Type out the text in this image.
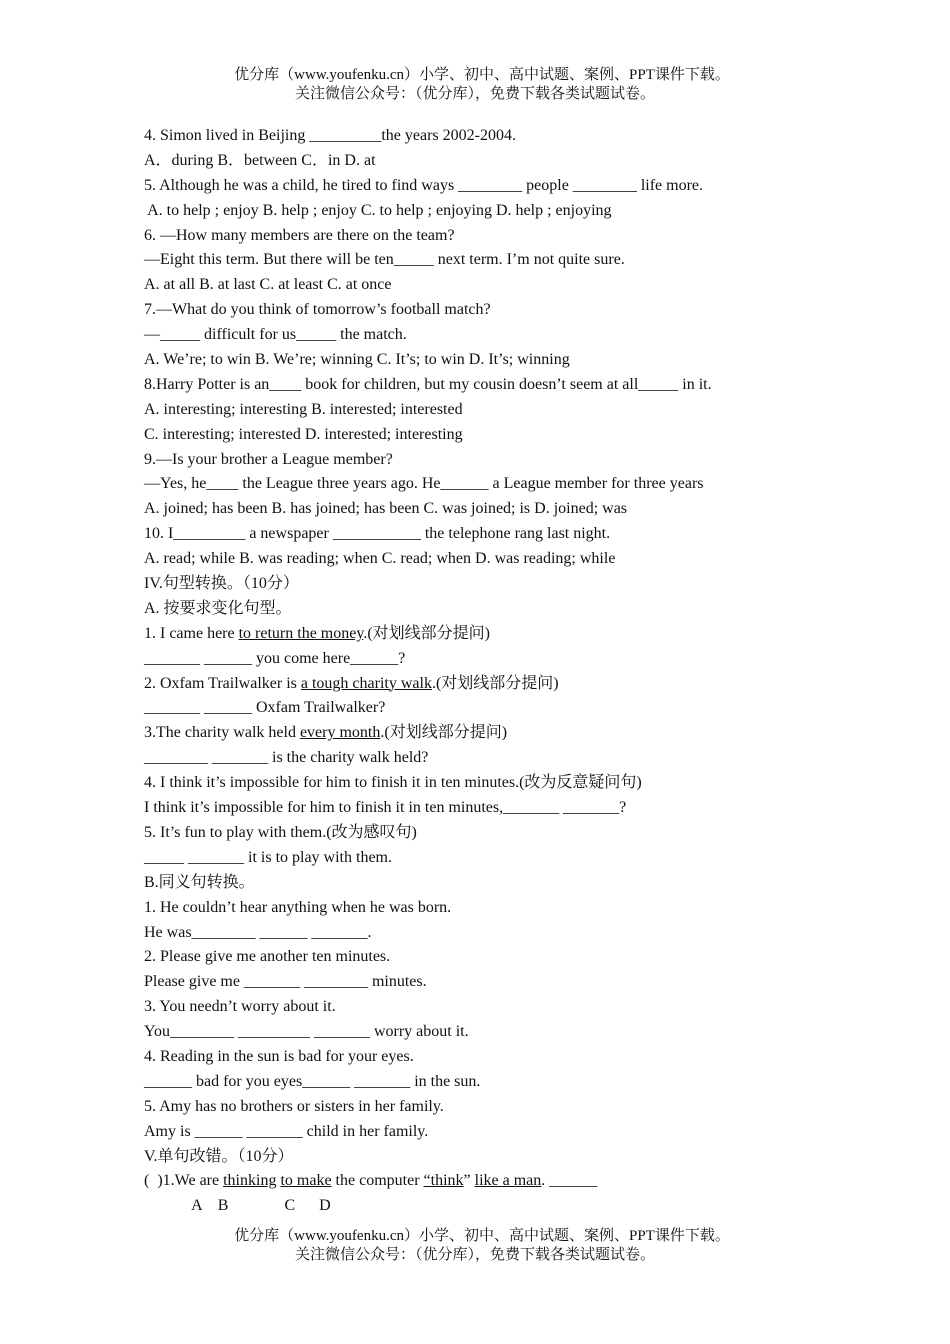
优分库（www.youfenku.cn）小学、初中、高中试题、案例、PPT课件下载。
关注微信公众号：（优分库），免费下载各类试题试卷。
4. Simon lived in Beijing _________the years 2002-2004.
A．during B．between C．in D. at
5. Although he was a child, he tired to find ways ________ people ________ life more.
A. to help ; enjoy B. help ; enjoy C. to help ; enjoying D. help ; enjoying
6. —How many members are there on the team?
—Eight this term. But there will be ten_____ next term. I’m not quite sure.
A. at all B. at last C. at least C. at once
7.—What do you think of tomorrow’s football match?
—_____ difficult for us_____ the match.
A. We’re; to win B. We’re; winning C. It’s; to win D. It’s; winning
8.Harry Potter is an____ book for children, but my cousin doesn’t seem at all_____ in it.
A. interesting; interesting B. interested; interested
C. interesting; interested D. interested; interesting
9.—Is your brother a League member?
—Yes, he____ the League three years ago. He______ a League member for three years
A. joined; has been B. has joined; has been C. was joined; is D. joined; was
10. I_________ a newspaper ___________ the telephone rang last night.
A. read; while B. was reading; when C. read; when D. was reading; while
IV.句型转换。（10分）
A. 按要求变化句型。
1. I came here to return the money.(对划线部分提问)
_______ ______ you come here______?
2. Oxfam Trailwalker is a tough charity walk.(对划线部分提问)
_______ ______ Oxfam Trailwalker?
3.The charity walk held every month.(对划线部分提问)
________ _______ is the charity walk held?
4. I think it’s impossible for him to finish it in ten minutes.(改为反意疑问句)
I think it’s impossible for him to finish it in ten minutes,_______ _______?
5. It’s fun to play with them.(改为感叹句)
_____ _______ it is to play with them.
B.同义句转换。
1. He couldn’t hear anything when he was born.
He was________ ______ _______.
2. Please give me another ten minutes.
Please give me _______ ________ minutes.
3. You needn’t worry about it.
You________ _________ _______ worry about it.
4. Reading in the sun is bad for your eyes.
______ bad for you eyes______ _______ in the sun.
5. Amy has no brothers or sisters in her family.
Amy is ______ _______ child in her family.
V.单句改错。（10分）
(  )1.We are thinking to make the computer “think” like a man. ______
A    B              C      D
优分库（www.youfenku.cn）小学、初中、高中试题、案例、PPT课件下载。
关注微信公众号：（优分库），免费下载各类试题试卷。
